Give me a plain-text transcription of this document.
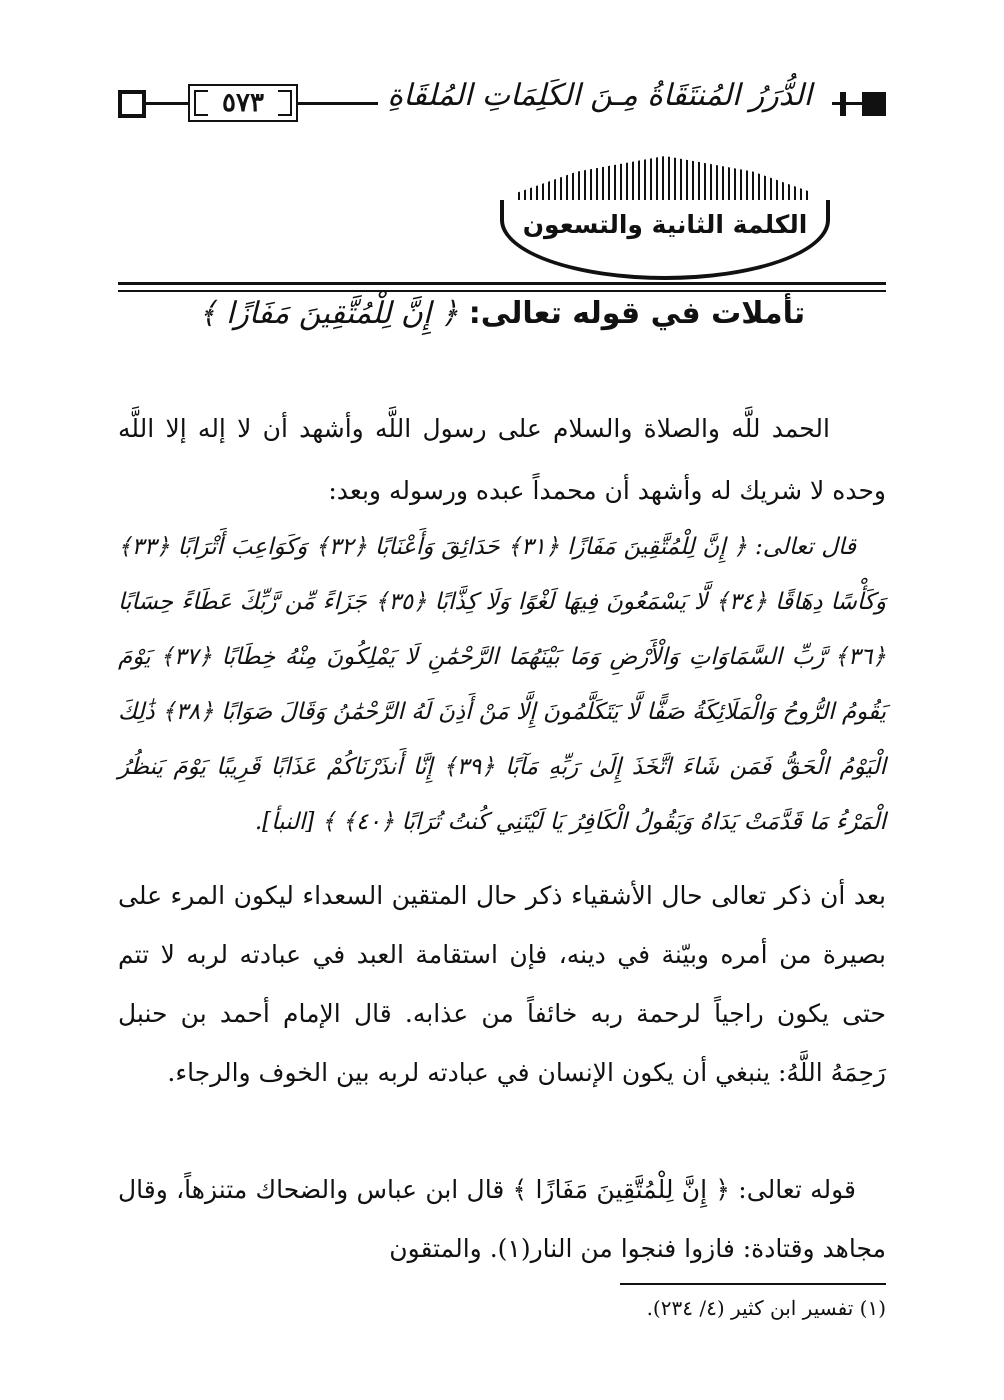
٥٧٣	الدُّرَرُ المُنتَقَاةُ مِـنَ الكَلِمَاتِ المُلقَاةِ
الكلمة الثانية والتسعون
تأملات في قوله تعالى: ﴿ إِنَّ لِلْمُتَّقِينَ مَفَازًا ﴾
الحمد للَّه والصلاة والسلام على رسول اللَّه وأشهد أن لا إله إلا اللَّه وحده لا شريك له وأشهد أن محمداً عبده ورسوله وبعد:
قال تعالى: ﴿ إِنَّ لِلْمُتَّقِينَ مَفَازًا ﴿٣١﴾ حَدَائِقَ وَأَعْنَابًا ﴿٣٢﴾ وَكَوَاعِبَ أَتْرَابًا ﴿٣٣﴾ وَكَأْسًا دِهَاقًا ﴿٣٤﴾ لَّا يَسْمَعُونَ فِيهَا لَغْوًا وَلَا كِذَّابًا ﴿٣٥﴾ جَزَاءً مِّن رَّبِّكَ عَطَاءً حِسَابًا ﴿٣٦﴾ رَّبِّ السَّمَاوَاتِ وَالْأَرْضِ وَمَا بَيْنَهُمَا الرَّحْمَٰنِ لَا يَمْلِكُونَ مِنْهُ خِطَابًا ﴿٣٧﴾ يَوْمَ يَقُومُ الرُّوحُ وَالْمَلَائِكَةُ صَفًّا لَّا يَتَكَلَّمُونَ إِلَّا مَنْ أَذِنَ لَهُ الرَّحْمَٰنُ وَقَالَ صَوَابًا ﴿٣٨﴾ ذَٰلِكَ الْيَوْمُ الْحَقُّ فَمَن شَاءَ اتَّخَذَ إِلَىٰ رَبِّهِ مَآبًا ﴿٣٩﴾ إِنَّا أَنذَرْنَاكُمْ عَذَابًا قَرِيبًا يَوْمَ يَنظُرُ الْمَرْءُ مَا قَدَّمَتْ يَدَاهُ وَيَقُولُ الْكَافِرُ يَا لَيْتَنِي كُنتُ تُرَابًا ﴿٤٠﴾ ﴾ [النبأ].
بعد أن ذكر تعالى حال الأشقياء ذكر حال المتقين السعداء ليكون المرء على بصيرة من أمره وبيّنة في دينه، فإن استقامة العبد في عبادته لربه لا تتم حتى يكون راجياً لرحمة ربه خائفاً من عذابه. قال الإمام أحمد بن حنبل رَحِمَهُ اللَّهُ: ينبغي أن يكون الإنسان في عبادته لربه بين الخوف والرجاء.
قوله تعالى: ﴿ إِنَّ لِلْمُتَّقِينَ مَفَازًا ﴾ قال ابن عباس والضحاك متنزهاً، وقال مجاهد وقتادة: فازوا فنجوا من النار(١). والمتقون
(١) تفسير ابن كثير (٤/ ٢٣٤).
